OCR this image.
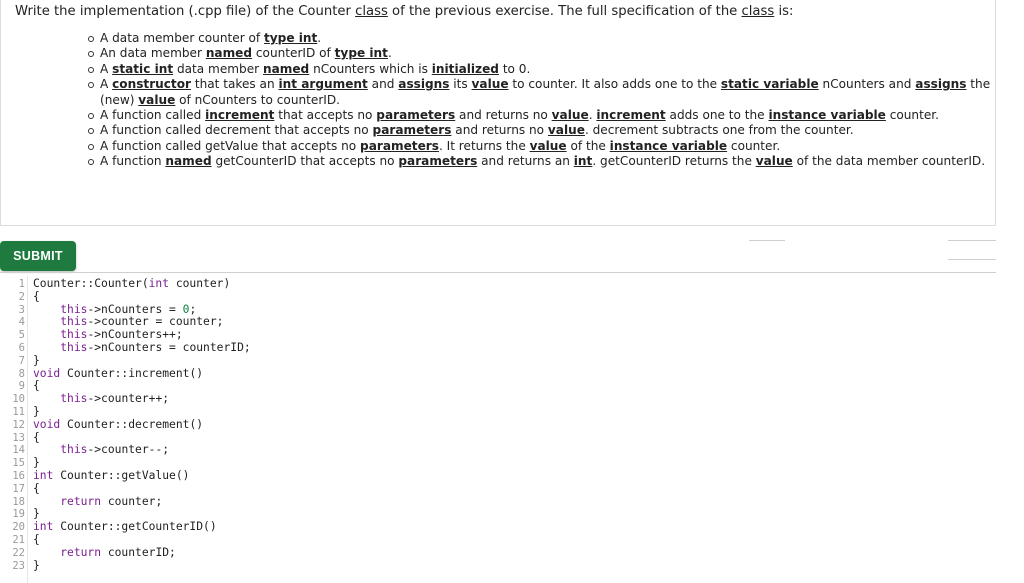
Write the implementation (.cpp file) of the Counter class of the previous exercise. The full specification of the class is:
A data member counter of type int.
An data member named counterID of type int.
A static int data member named nCounters which is initialized to 0.
A constructor that takes an int argument and assigns its value to counter. It also adds one to the static variable nCounters and assigns the (new) value of nCounters to counterID.
A function called increment that accepts no parameters and returns no value. increment adds one to the instance variable counter.
A function called decrement that accepts no parameters and returns no value. decrement subtracts one from the counter.
A function called getValue that accepts no parameters. It returns the value of the instance variable counter.
A function named getCounterID that accepts no parameters and returns an int. getCounterID returns the value of the data member counterID.
SUBMIT
1 Counter::Counter(int counter)
2 {
3	this->nCounters = 0;
4	this->counter = counter;
5	this->nCounters++;
6	this->nCounters = counterID;
7 }
8 void Counter::increment()
9 {
10	this->counter++;
11 }
12 void Counter::decrement()
13 {
14	this->counter--;
15 }
16 int Counter::getValue()
17 {
18	return counter;
19 }
20 int Counter::getCounterID()
21 {
22	return counterID;
23 }
